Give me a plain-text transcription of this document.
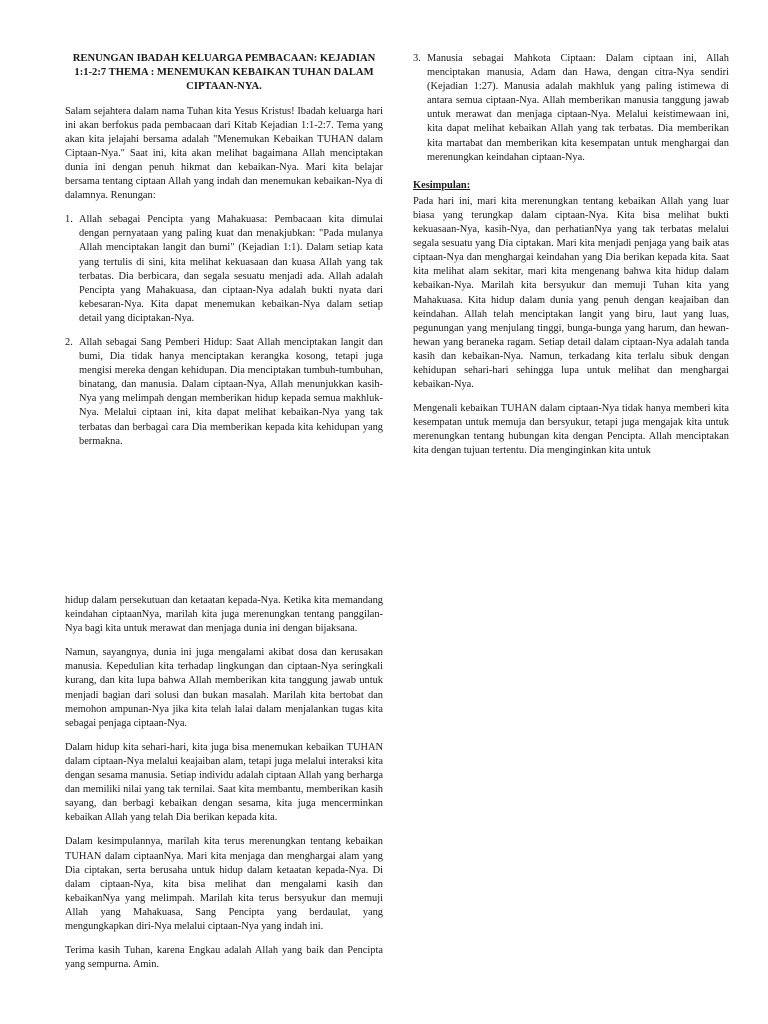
RENUNGAN IBADAH KELUARGA PEMBACAAN: KEJADIAN 1:1-2:7 THEMA : MENEMUKAN KEBAIKAN TUHAN DALAM CIPTAAN-NYA.

Salam sejahtera dalam nama Tuhan kita Yesus Kristus! Ibadah keluarga hari ini akan berfokus pada pembacaan dari Kitab Kejadian 1:1-2:7. Tema yang akan kita jelajahi bersama adalah "Menemukan Kebaikan TUHAN dalam Ciptaan-Nya." Saat ini, kita akan melihat bagaimana Allah menciptakan dunia ini dengan penuh hikmat dan kebaikan-Nya. Mari kita belajar bersama tentang ciptaan Allah yang indah dan menemukan kebaikan-Nya di dalamnya. Renungan:

1. Allah sebagai Pencipta yang Mahakuasa: Pembacaan kita dimulai dengan pernyataan yang paling kuat dan menakjubkan: "Pada mulanya Allah menciptakan langit dan bumi" (Kejadian 1:1). Dalam setiap kata yang tertulis di sini, kita melihat kekuasaan dan kuasa Allah yang tak terbatas. Dia berbicara, dan segala sesuatu menjadi ada. Allah adalah Pencipta yang Mahakuasa, dan ciptaan-Nya adalah bukti nyata dari kebesaran-Nya. Kita dapat menemukan kebaikan-Nya dalam setiap detail yang diciptakan-Nya.
2. Allah sebagai Sang Pemberi Hidup: Saat Allah menciptakan langit dan bumi, Dia tidak hanya menciptakan kerangka kosong, tetapi juga mengisi mereka dengan kehidupan. Dia menciptakan tumbuh-tumbuhan, binatang, dan manusia. Dalam ciptaan-Nya, Allah menunjukkan kasih-Nya yang melimpah dengan memberikan hidup kepada semua makhluk-Nya. Melalui ciptaan ini, kita dapat melihat kebaikan-Nya yang tak terbatas dan berbagai cara Dia memberikan kepada kita kehidupan yang bermakna.
3. Manusia sebagai Mahkota Ciptaan: Dalam ciptaan ini, Allah menciptakan manusia, Adam dan Hawa, dengan citra-Nya sendiri (Kejadian 1:27). Manusia adalah makhluk yang paling istimewa di antara semua ciptaan-Nya. Allah memberikan manusia tanggung jawab untuk merawat dan menjaga ciptaan-Nya. Melalui keistimewaan ini, kita dapat melihat kebaikan Allah yang tak terbatas. Dia memberikan kita martabat dan memberikan kita kesempatan untuk menghargai dan merenungkan keindahan ciptaan-Nya.
Kesimpulan:

Pada hari ini, mari kita merenungkan tentang kebaikan Allah yang luar biasa yang terungkap dalam ciptaan-Nya. Kita bisa melihat bukti kekuasaan-Nya, kasih-Nya, dan perhatianNya yang tak terbatas melalui segala sesuatu yang Dia ciptakan. Mari kita menjadi penjaga yang baik atas ciptaan-Nya dan menghargai keindahan yang Dia berikan kepada kita. Saat kita melihat alam sekitar, mari kita mengenang bahwa kita hidup dalam kebaikan-Nya. Marilah kita bersyukur dan memuji Tuhan kita yang Mahakuasa. Kita hidup dalam dunia yang penuh dengan keajaiban dan keindahan. Allah telah menciptakan langit yang biru, laut yang luas, pegunungan yang menjulang tinggi, bunga-bunga yang harum, dan hewan-hewan yang beraneka ragam. Setiap detail dalam ciptaan-Nya adalah tanda kasih dan kebaikan-Nya. Namun, terkadang kita terlalu sibuk dengan kehidupan sehari-hari sehingga lupa untuk melihat dan menghargai kebaikan-Nya.

Mengenali kebaikan TUHAN dalam ciptaan-Nya tidak hanya memberi kita kesempatan untuk memuja dan bersyukur, tetapi juga mengajak kita untuk merenungkan tentang hubungan kita dengan Pencipta. Allah menciptakan kita dengan tujuan tertentu. Dia menginginkan kita untuk

hidup dalam persekutuan dan ketaatan kepada-Nya. Ketika kita memandang keindahan ciptaanNya, marilah kita juga merenungkan tentang panggilan-Nya bagi kita untuk merawat dan menjaga dunia ini dengan bijaksana.

Namun, sayangnya, dunia ini juga mengalami akibat dosa dan kerusakan manusia. Kepedulian kita terhadap lingkungan dan ciptaan-Nya seringkali kurang, dan kita lupa bahwa Allah memberikan kita tanggung jawab untuk menjadi bagian dari solusi dan bukan masalah. Marilah kita bertobat dan memohon ampunan-Nya jika kita telah lalai dalam menjalankan tugas kita sebagai penjaga ciptaan-Nya.

Dalam hidup kita sehari-hari, kita juga bisa menemukan kebaikan TUHAN dalam ciptaan-Nya melalui keajaiban alam, tetapi juga melalui interaksi kita dengan sesama manusia. Setiap individu adalah ciptaan Allah yang berharga dan memiliki nilai yang tak ternilai. Saat kita membantu, memberikan kasih sayang, dan berbagi kebaikan dengan sesama, kita juga mencerminkan kebaikan Allah yang telah Dia berikan kepada kita.

Dalam kesimpulannya, marilah kita terus merenungkan tentang kebaikan TUHAN dalam ciptaanNya. Mari kita menjaga dan menghargai alam yang Dia ciptakan, serta berusaha untuk hidup dalam ketaatan kepada-Nya. Di dalam ciptaan-Nya, kita bisa melihat dan mengalami kasih dan kebaikanNya yang melimpah. Marilah kita terus bersyukur dan memuji Allah yang Mahakuasa, Sang Pencipta yang berdaulat, yang mengungkapkan diri-Nya melalui ciptaan-Nya yang indah ini.

Terima kasih Tuhan, karena Engkau adalah Allah yang baik dan Pencipta yang sempurna. Amin.
